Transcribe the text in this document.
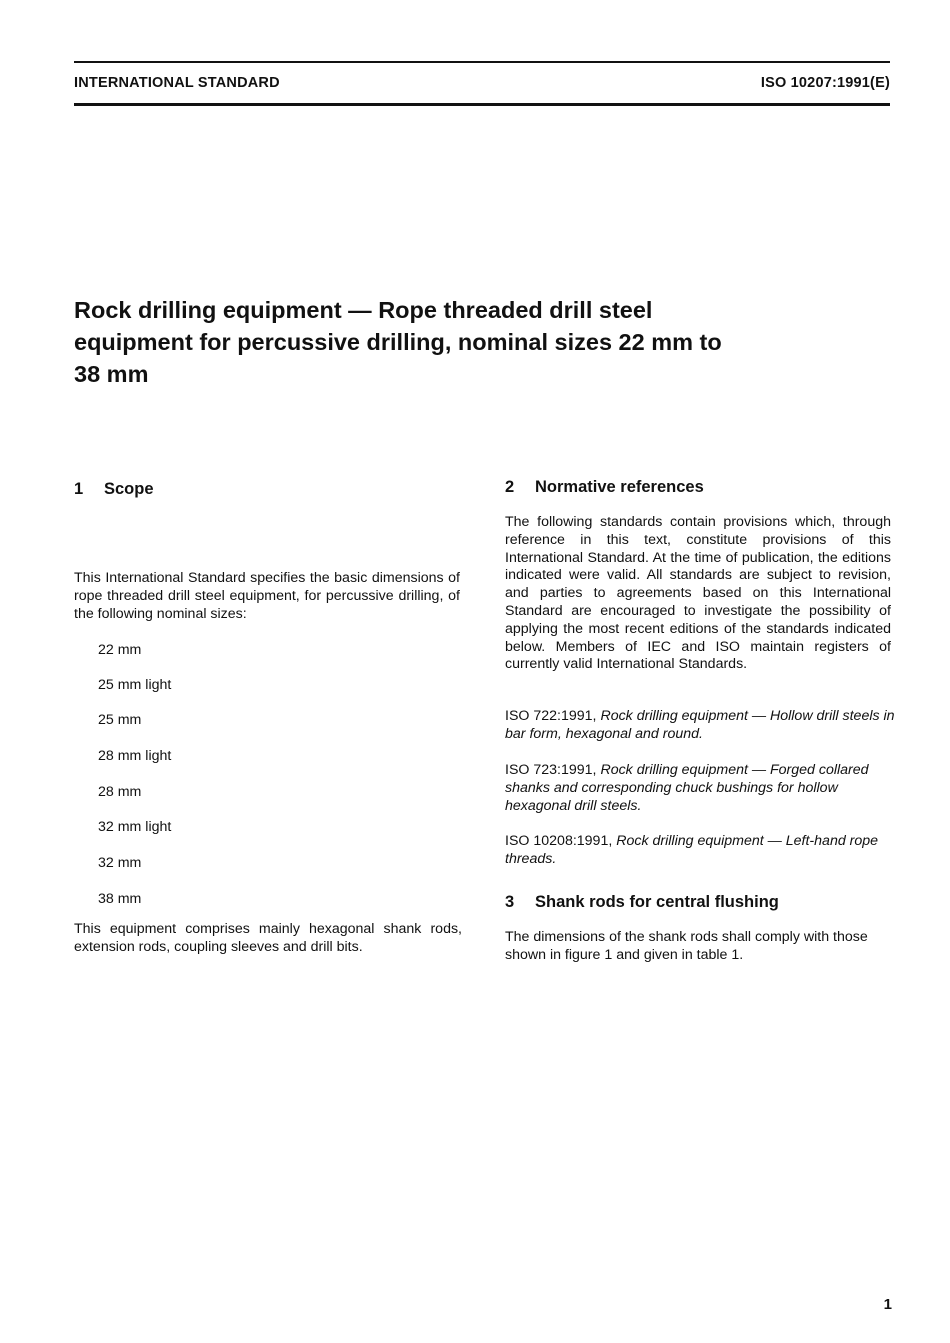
INTERNATIONAL STANDARD	ISO 10207:1991(E)
Rock drilling equipment — Rope threaded drill steel
equipment for percussive drilling, nominal sizes 22 mm to
38 mm
1 Scope

This International Standard specifies the basic dimensions of rope threaded drill steel equipment, for percussive drilling, of the following nominal sizes:

22 mm
25 mm light
25 mm
28 mm light
28 mm
32 mm light
32 mm
38 mm

This equipment comprises mainly hexagonal shank rods, extension rods, coupling sleeves and drill bits.

2 Normative references

The following standards contain provisions which, through reference in this text, constitute provisions of this International Standard. At the time of publication, the editions indicated were valid. All standards are subject to revision, and parties to agreements based on this International Standard are encouraged to investigate the possibility of applying the most recent editions of the standards indicated below. Members of IEC and ISO maintain registers of currently valid International Standards.

ISO 722:1991, Rock drilling equipment — Hollow drill steels in bar form, hexagonal and round.

ISO 723:1991, Rock drilling equipment — Forged collared shanks and corresponding chuck bushings for hollow hexagonal drill steels.

ISO 10208:1991, Rock drilling equipment — Left-hand rope threads.

3 Shank rods for central flushing

The dimensions of the shank rods shall comply with those shown in figure 1 and given in table 1.

1
